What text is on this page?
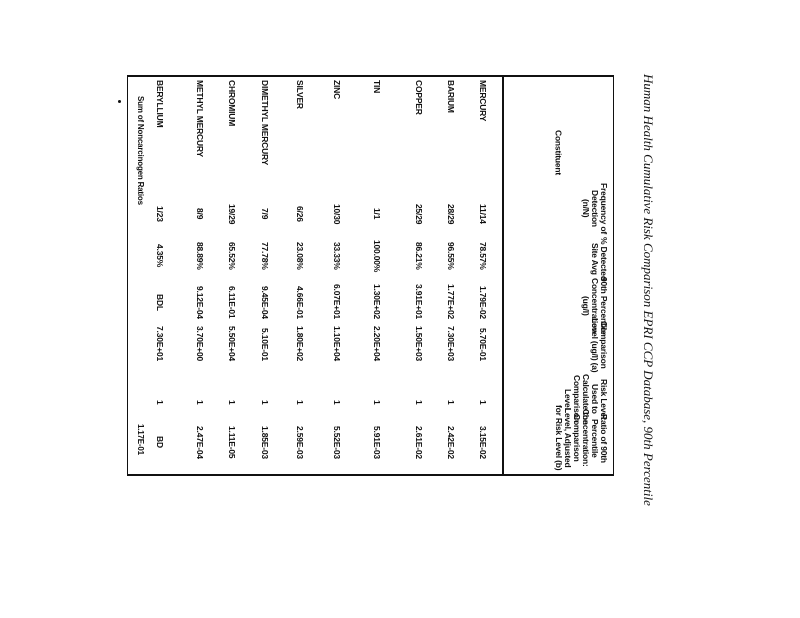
Human Health Cumulative Risk Comparison EPRI CCP Database, 90th Percentile
Constituent
Frequency of Detection (n/N)
% Detected Site Avg
90th Percentile Concentration (ug/l)
Comparison Level (ug/l) (a)
Risk Level Used to Calculate the Comparison Level
Ratio of 90th Percentile Concentration: Comparison Level, Adjusted for Risk Level (b)
MERCURY
11/14
78.57%
1.79E-02
5.70E-01
1
3.15E-02
BARIUM
28/29
96.55%
1.77E+02
7.30E+03
1
2.42E-02
COPPER
25/29
86.21%
3.91E+01
1.50E+03
1
2.61E-02
TIN
1/1
100.00%
1.30E+02
2.20E+04
1
5.91E-03
ZINC
10/30
33.33%
6.07E+01
1.10E+04
1
5.52E-03
SILVER
6/26
23.08%
4.66E-01
1.80E+02
1
2.59E-03
DIMETHYL MERCURY
7/9
77.78%
9.45E-04
5.10E-01
1
1.85E-03
CHROMIUM
19/29
65.52%
6.11E-01
5.50E+04
1
1.11E-05
METHYL MERCURY
8/9
88.89%
9.12E-04
3.70E+00
1
2.47E-04
BERYLLIUM
1/23
4.35%
BDL
7.30E+01
1
BD
Sum of Noncarcinogen Ratios
1.17E-01
